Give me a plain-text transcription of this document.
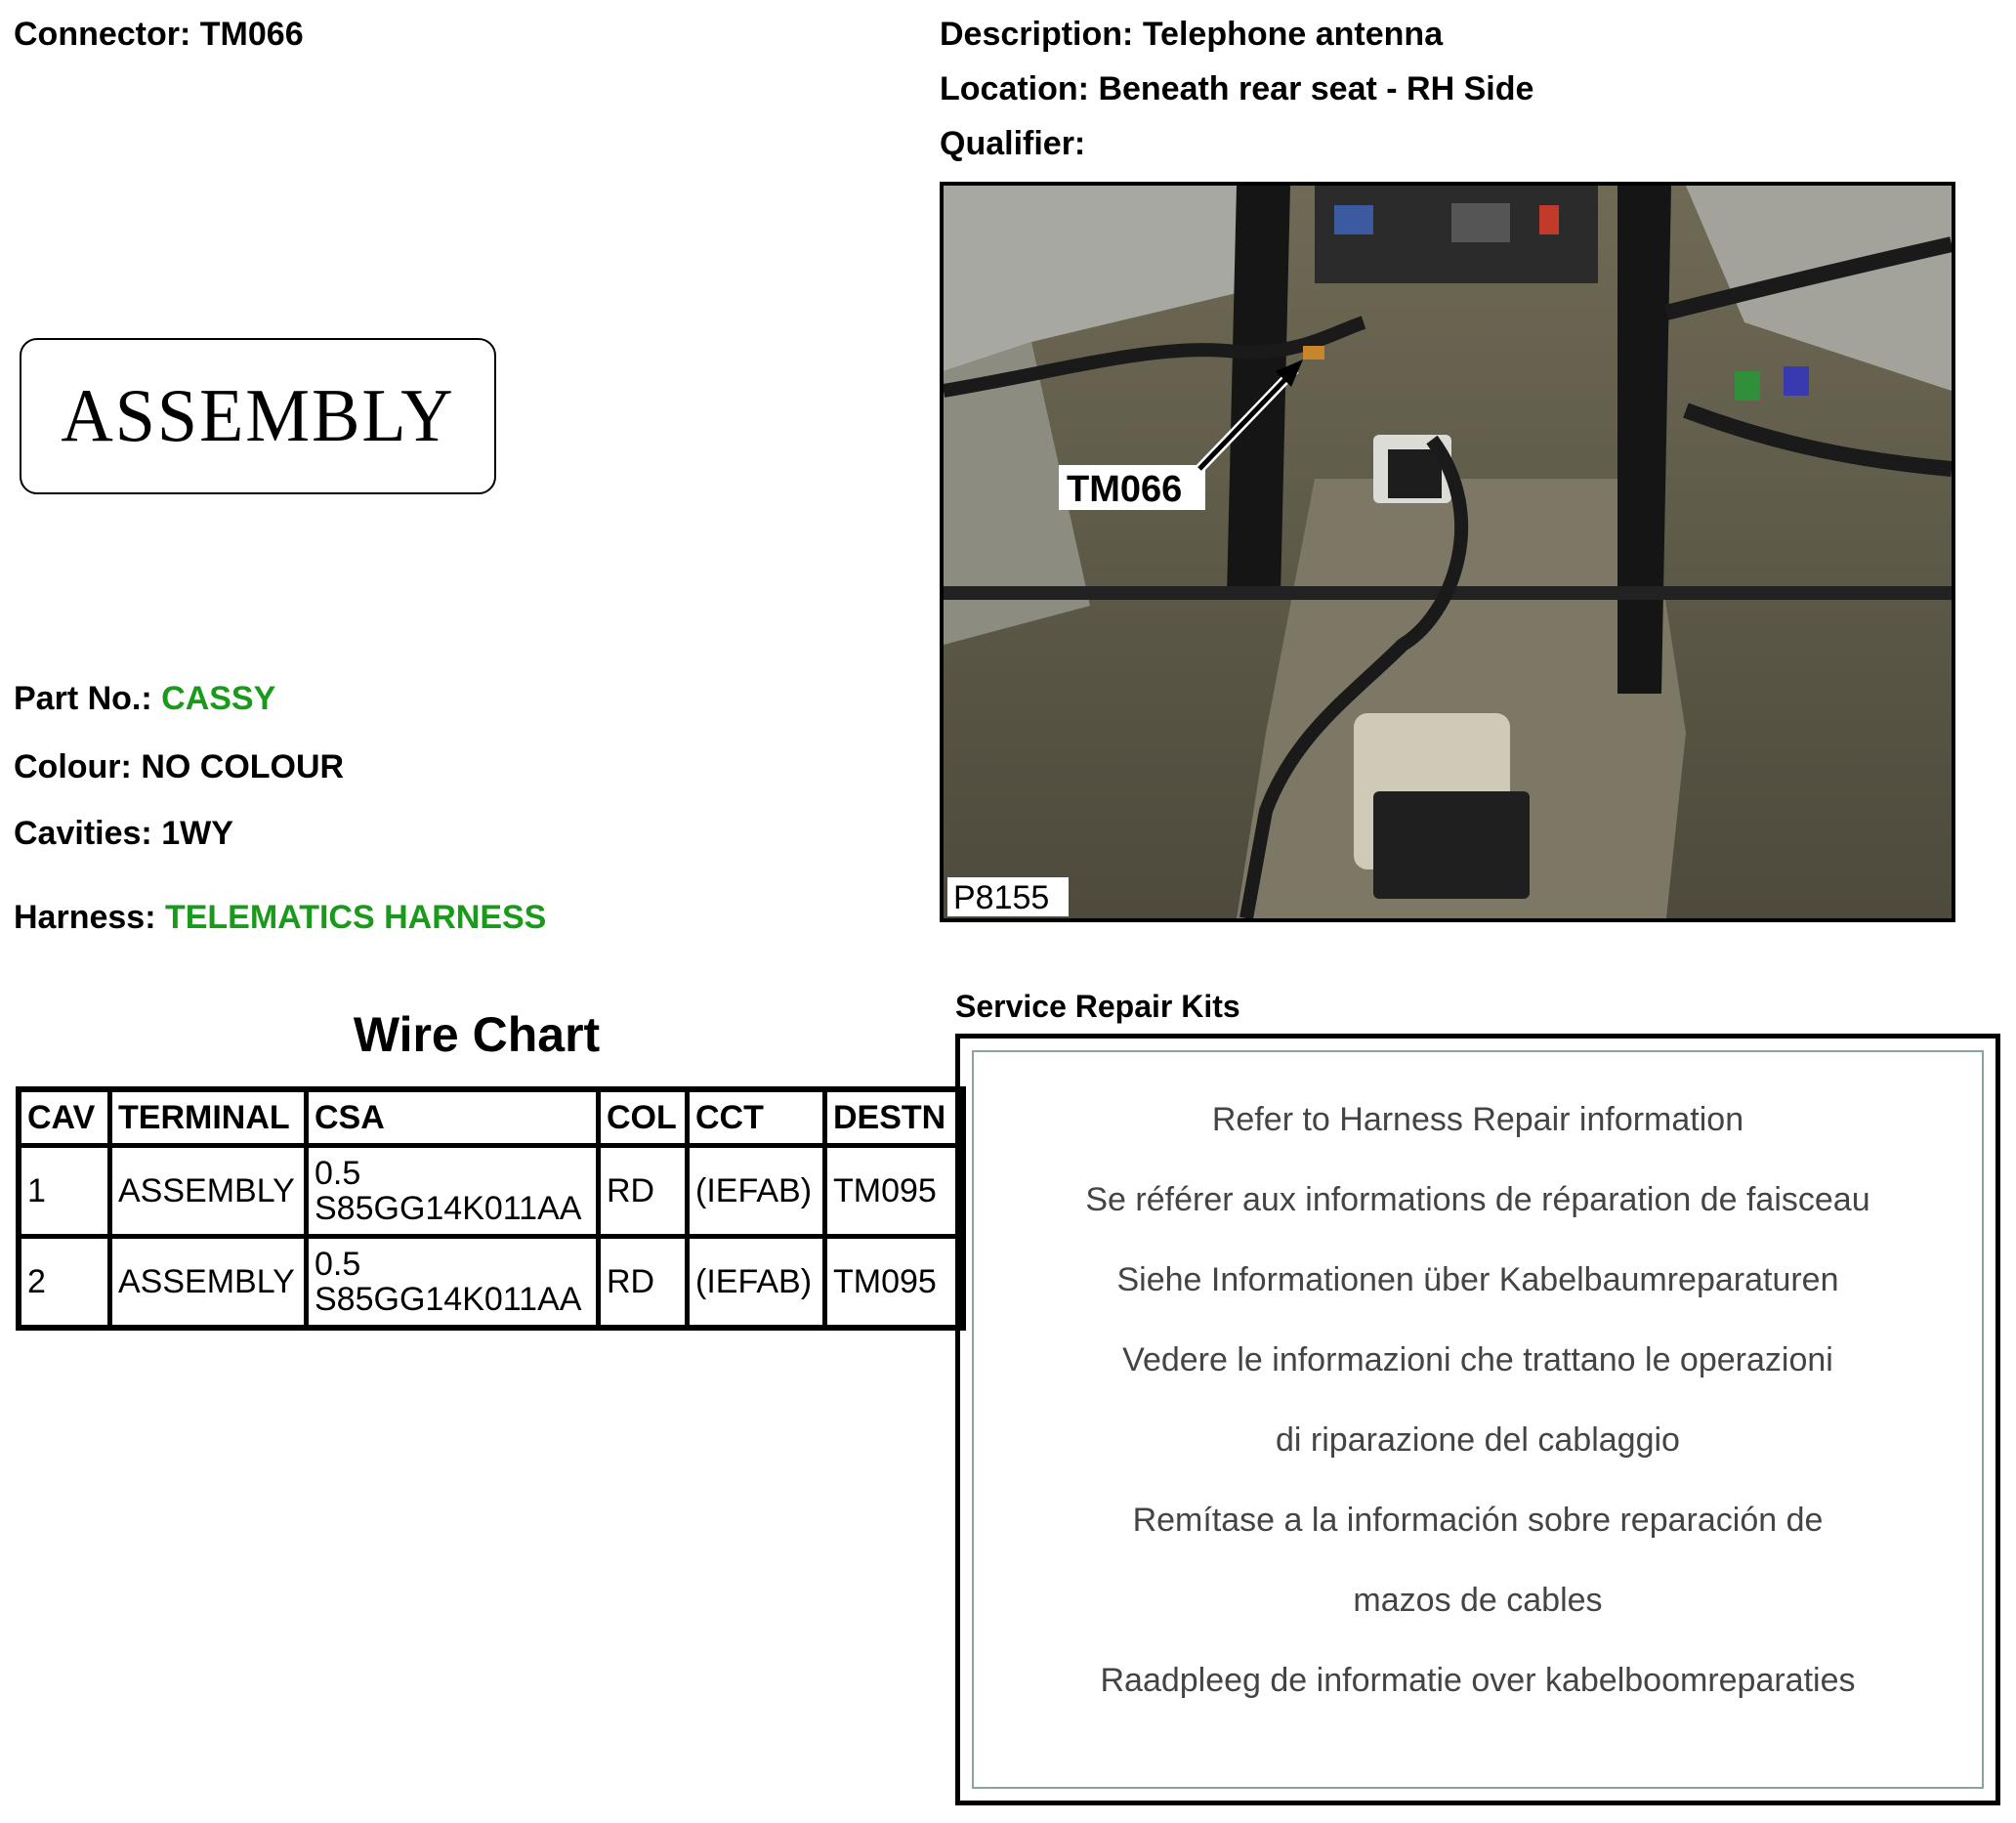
Connector: TM066	Description: Telephone antenna
Location: Beneath rear seat - RH Side
Qualifier:
ASSEMBLY
Part No.: CASSY
Colour: NO COLOUR
Cavities: 1WY
Harness: TELEMATICS HARNESS
Wire Chart
CAV	TERMINAL	CSA	COL	CCT	DESTN
1	ASSEMBLY	0.5
S85GG14K011AA	RD	(IEFAB)	TM095
2	ASSEMBLY	0.5
S85GG14K011AA	RD	(IEFAB)	TM095
TM066
P8155
Service Repair Kits
Refer to Harness Repair information
Se référer aux informations de réparation de faisceau
Siehe Informationen über Kabelbaumreparaturen
Vedere le informazioni che trattano le operazioni
di riparazione del cablaggio
Remítase a la información sobre reparación de
mazos de cables
Raadpleeg de informatie over kabelboomreparaties
